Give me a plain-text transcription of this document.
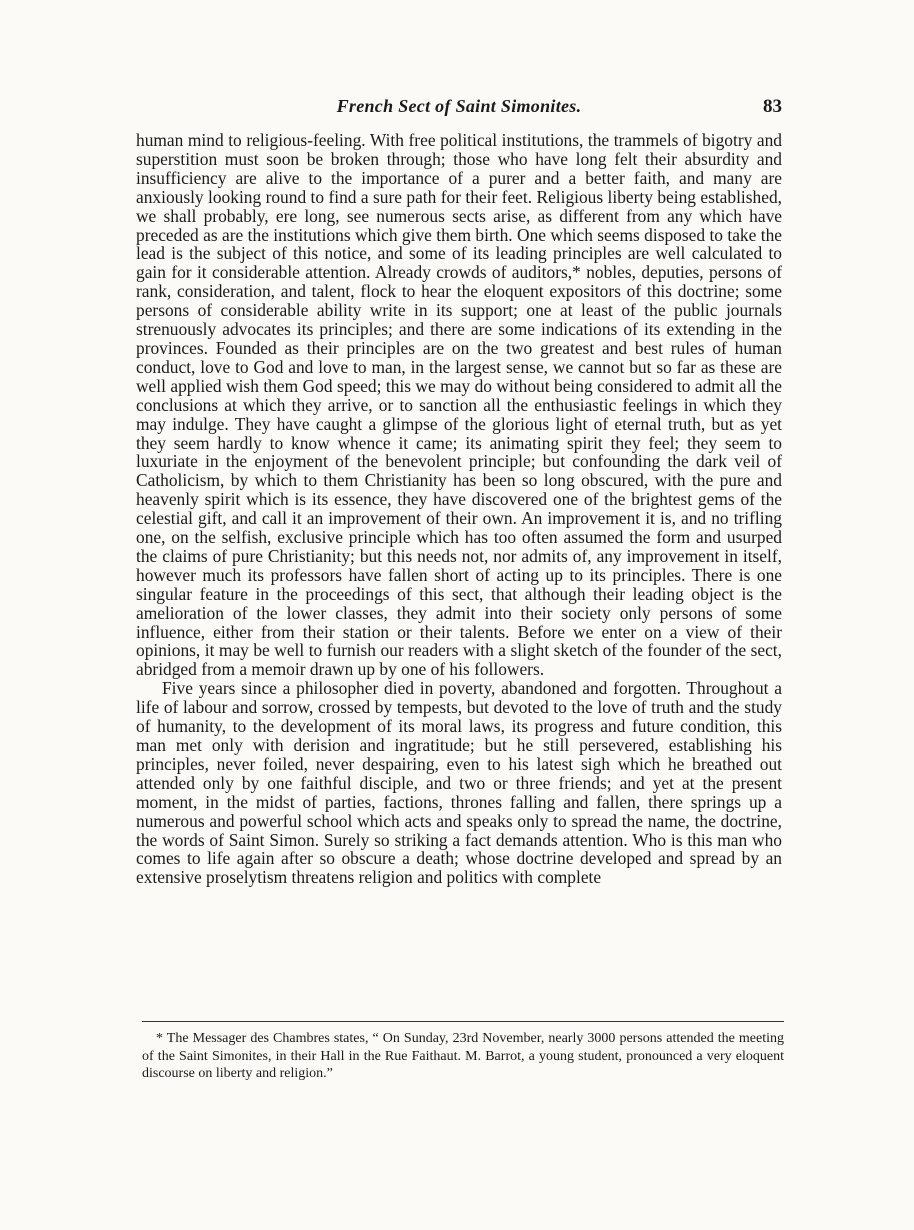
French Sect of Saint Simonites.	83

human mind to religious-feeling. With free political institutions, the trammels of bigotry and superstition must soon be broken through; those who have long felt their absurdity and insufficiency are alive to the importance of a purer and a better faith, and many are anxiously looking round to find a sure path for their feet. Religious liberty being established, we shall probably, ere long, see numerous sects arise, as different from any which have preceded as are the institutions which give them birth. One which seems disposed to take the lead is the subject of this notice, and some of its leading principles are well calculated to gain for it considerable attention. Already crowds of auditors,* nobles, deputies, persons of rank, consideration, and talent, flock to hear the eloquent expositors of this doctrine; some persons of considerable ability write in its support; one at least of the public journals strenuously advocates its principles; and there are some indications of its extending in the provinces. Founded as their principles are on the two greatest and best rules of human conduct, love to God and love to man, in the largest sense, we cannot but so far as these are well applied wish them God speed; this we may do without being considered to admit all the conclusions at which they arrive, or to sanction all the enthusiastic feelings in which they may indulge. They have caught a glimpse of the glorious light of eternal truth, but as yet they seem hardly to know whence it came; its animating spirit they feel; they seem to luxuriate in the enjoyment of the benevolent principle; but confounding the dark veil of Catholicism, by which to them Christianity has been so long obscured, with the pure and heavenly spirit which is its essence, they have discovered one of the brightest gems of the celestial gift, and call it an improvement of their own. An improvement it is, and no trifling one, on the selfish, exclusive principle which has too often assumed the form and usurped the claims of pure Christianity; but this needs not, nor admits of, any improvement in itself, however much its professors have fallen short of acting up to its principles. There is one singular feature in the proceedings of this sect, that although their leading object is the amelioration of the lower classes, they admit into their society only persons of some influence, either from their station or their talents. Before we enter on a view of their opinions, it may be well to furnish our readers with a slight sketch of the founder of the sect, abridged from a memoir drawn up by one of his followers.

Five years since a philosopher died in poverty, abandoned and forgotten. Throughout a life of labour and sorrow, crossed by tempests, but devoted to the love of truth and the study of humanity, to the development of its moral laws, its progress and future condition, this man met only with derision and ingratitude; but he still persevered, establishing his principles, never foiled, never despairing, even to his latest sigh which he breathed out attended only by one faithful disciple, and two or three friends; and yet at the present moment, in the midst of parties, factions, thrones falling and fallen, there springs up a numerous and powerful school which acts and speaks only to spread the name, the doctrine, the words of Saint Simon. Surely so striking a fact demands attention. Who is this man who comes to life again after so obscure a death; whose doctrine developed and spread by an extensive proselytism threatens religion and politics with complete

* The Messager des Chambres states, “ On Sunday, 23rd November, nearly 3000 persons attended the meeting of the Saint Simonites, in their Hall in the Rue Faithaut. M. Barrot, a young student, pronounced a very eloquent discourse on liberty and religion.”
